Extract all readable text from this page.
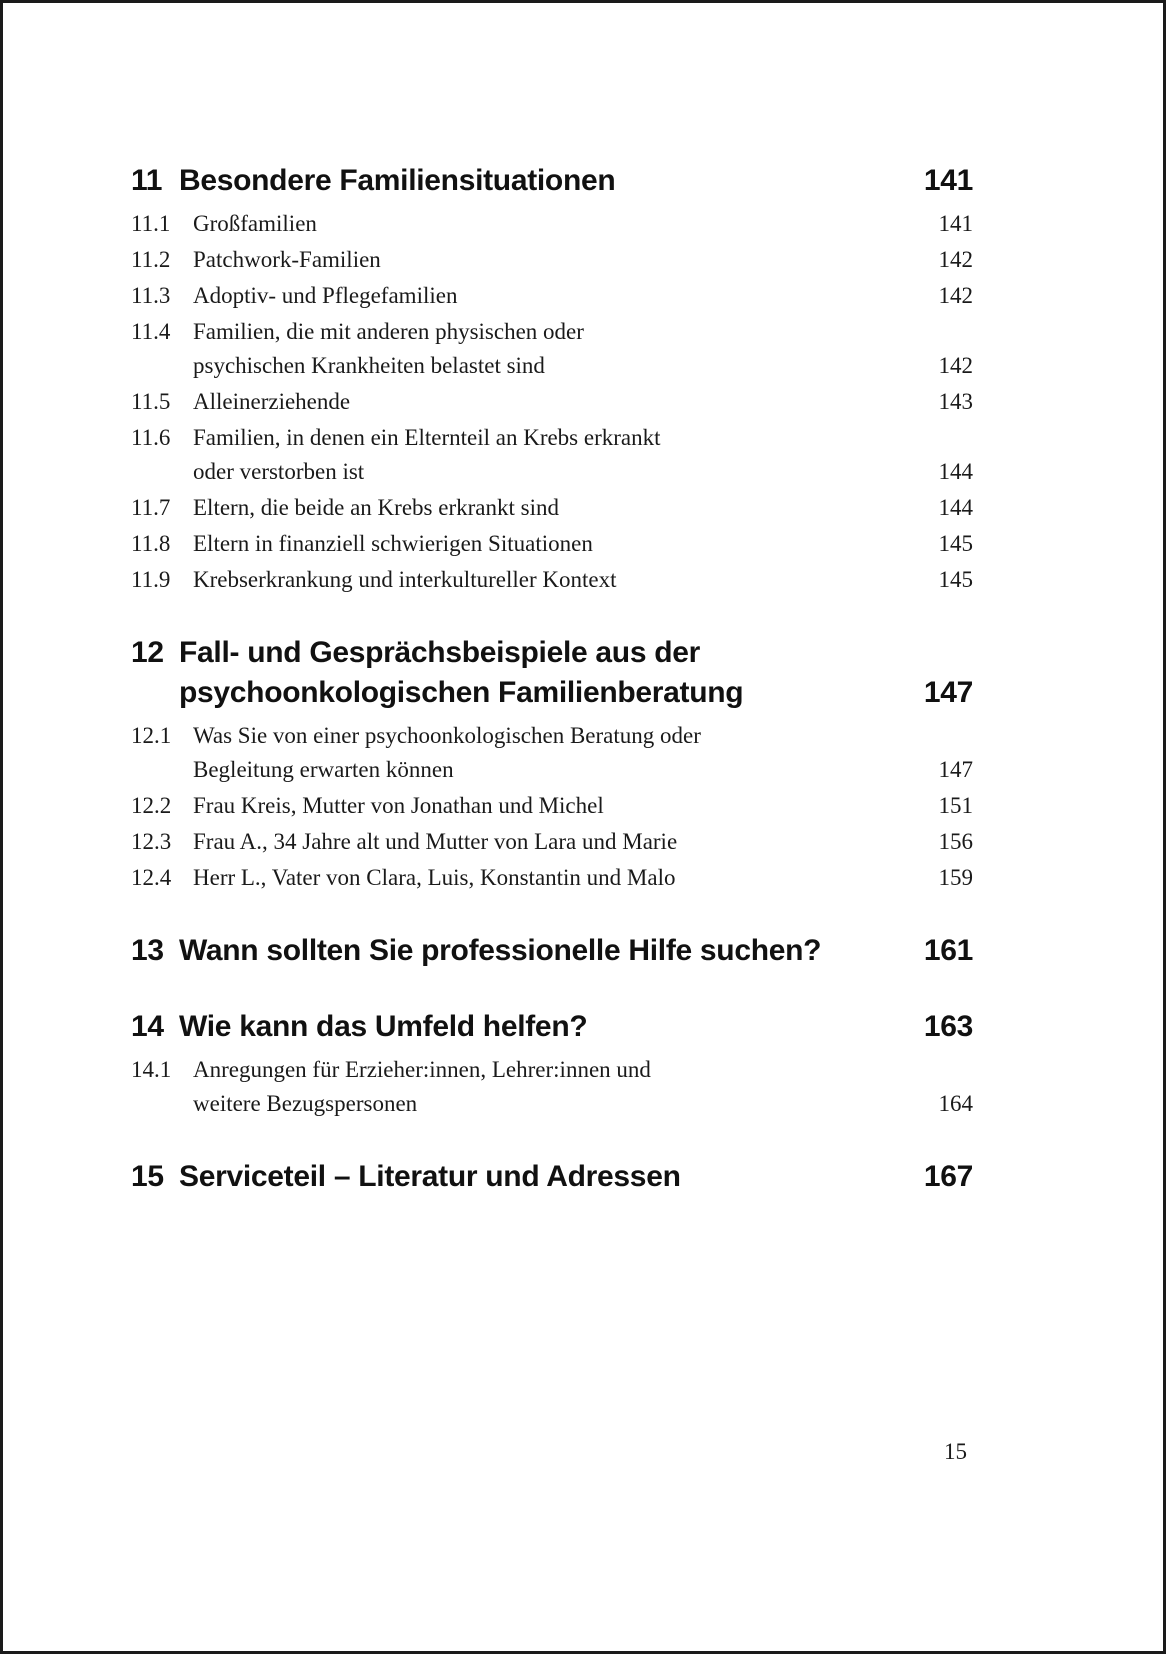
11 Besondere Familiensituationen	141
11.1 Großfamilien	141
11.2 Patchwork-Familien	142
11.3 Adoptiv- und Pflegefamilien	142
11.4 Familien, die mit anderen physischen oder
psychischen Krankheiten belastet sind	142
11.5 Alleinerziehende	143
11.6 Familien, in denen ein Elternteil an Krebs erkrankt
oder verstorben ist	144
11.7 Eltern, die beide an Krebs erkrankt sind	144
11.8 Eltern in finanziell schwierigen Situationen	145
11.9 Krebserkrankung und interkultureller Kontext	145
12 Fall- und Gesprächsbeispiele aus der
psychoonkologischen Familienberatung	147
12.1 Was Sie von einer psychoonkologischen Beratung oder
Begleitung erwarten können	147
12.2 Frau Kreis, Mutter von Jonathan und Michel	151
12.3 Frau A., 34 Jahre alt und Mutter von Lara und Marie	156
12.4 Herr L., Vater von Clara, Luis, Konstantin und Malo	159
13 Wann sollten Sie professionelle Hilfe suchen?	161
14 Wie kann das Umfeld helfen?	163
14.1 Anregungen für Erzieher:innen, Lehrer:innen und
weitere Bezugspersonen	164
15 Serviceteil – Literatur und Adressen	167
15
